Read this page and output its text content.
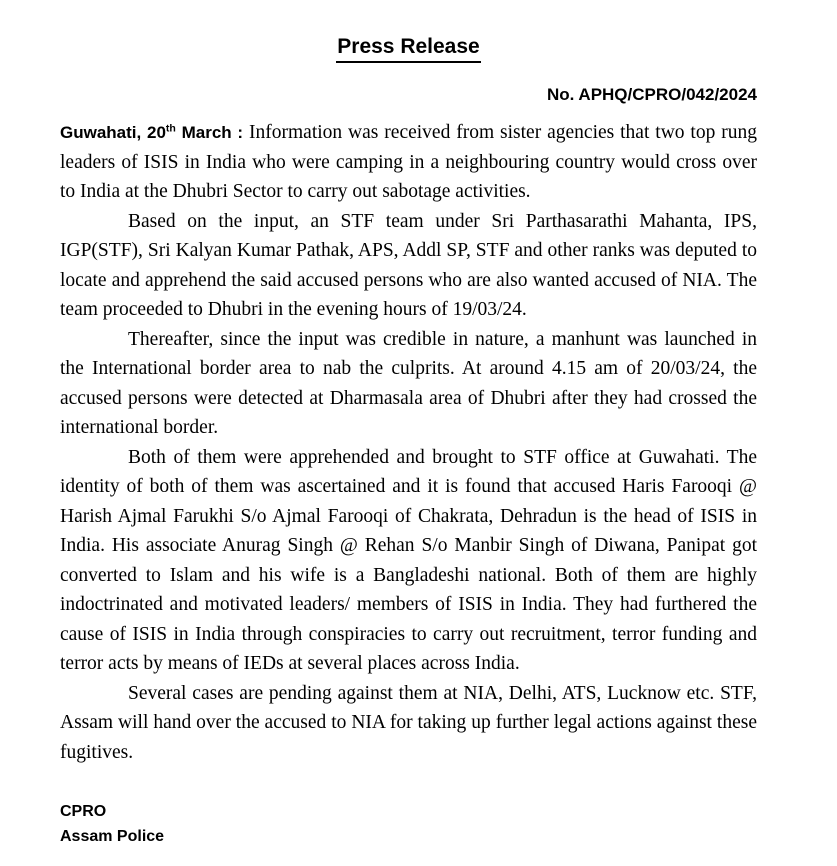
Press Release
No. APHQ/CPRO/042/2024

Guwahati, 20th March : Information was received from sister agencies that two top rung leaders of ISIS in India who were camping in a neighbouring country would cross over to India at the Dhubri Sector to carry out sabotage activities.

Based on the input, an STF team under Sri Parthasarathi Mahanta, IPS, IGP(STF), Sri Kalyan Kumar Pathak, APS, Addl SP, STF and other ranks was deputed to locate and apprehend the said accused persons who are also wanted accused of NIA. The team proceeded to Dhubri in the evening hours of 19/03/24.

Thereafter, since the input was credible in nature, a manhunt was launched in the International border area to nab the culprits. At around 4.15 am of 20/03/24, the accused persons were detected at Dharmasala area of Dhubri after they had crossed the international border.

Both of them were apprehended and brought to STF office at Guwahati. The identity of both of them was ascertained and it is found that accused Haris Farooqi @ Harish Ajmal Farukhi S/o Ajmal Farooqi of Chakrata, Dehradun is the head of ISIS in India. His associate Anurag Singh @ Rehan S/o Manbir Singh of Diwana, Panipat got converted to Islam and his wife is a Bangladeshi national. Both of them are highly indoctrinated and motivated leaders/ members of ISIS in India. They had furthered the cause of ISIS in India through conspiracies to carry out recruitment, terror funding and terror acts by means of IEDs at several places across India.

Several cases are pending against them at NIA, Delhi, ATS, Lucknow etc. STF, Assam will hand over the accused to NIA for taking up further legal actions against these fugitives.

CPRO
Assam Police
